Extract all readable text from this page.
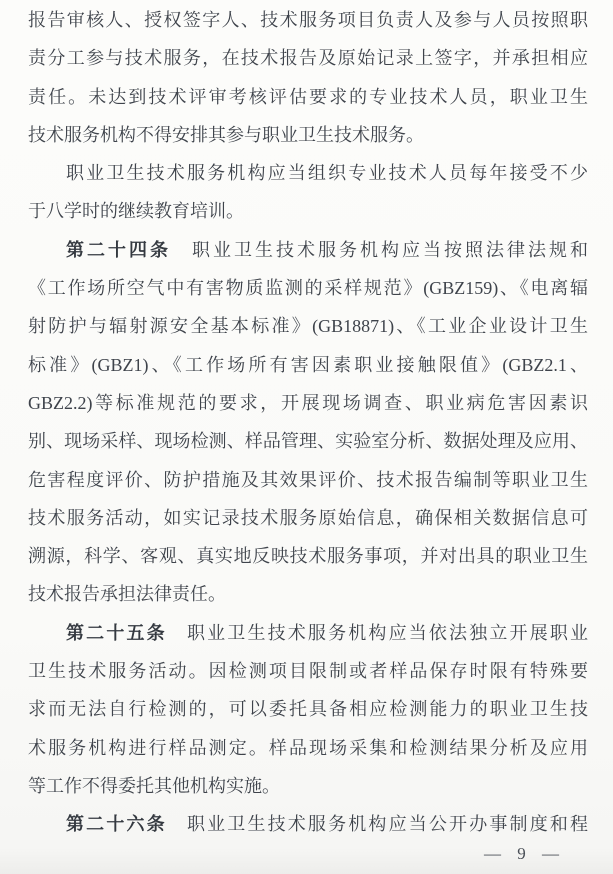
报告审核人、授权签字人、技术服务项目负责人及参与人员按照职
责分工参与技术服务，在技术报告及原始记录上签字，并承担相应
责任。未达到技术评审考核评估要求的专业技术人员，职业卫生
技术服务机构不得安排其参与职业卫生技术服务。
职业卫生技术服务机构应当组织专业技术人员每年接受不少
于八学时的继续教育培训。
第二十四条　职业卫生技术服务机构应当按照法律法规和
《工作场所空气中有害物质监测的采样规范》(GBZ159)、《电离辐
射防护与辐射源安全基本标准》(GB18871)、《工业企业设计卫生
标准》(GBZ1)、《工作场所有害因素职业接触限值》(GBZ2.1、
GBZ2.2)等标准规范的要求，开展现场调查、职业病危害因素识
别、现场采样、现场检测、样品管理、实验室分析、数据处理及应用、
危害程度评价、防护措施及其效果评价、技术报告编制等职业卫生
技术服务活动，如实记录技术服务原始信息，确保相关数据信息可
溯源，科学、客观、真实地反映技术服务事项，并对出具的职业卫生
技术报告承担法律责任。
第二十五条　职业卫生技术服务机构应当依法独立开展职业
卫生技术服务活动。因检测项目限制或者样品保存时限有特殊要
求而无法自行检测的，可以委托具备相应检测能力的职业卫生技
术服务机构进行样品测定。样品现场采集和检测结果分析及应用
等工作不得委托其他机构实施。
第二十六条　职业卫生技术服务机构应当公开办事制度和程
— 9 —
